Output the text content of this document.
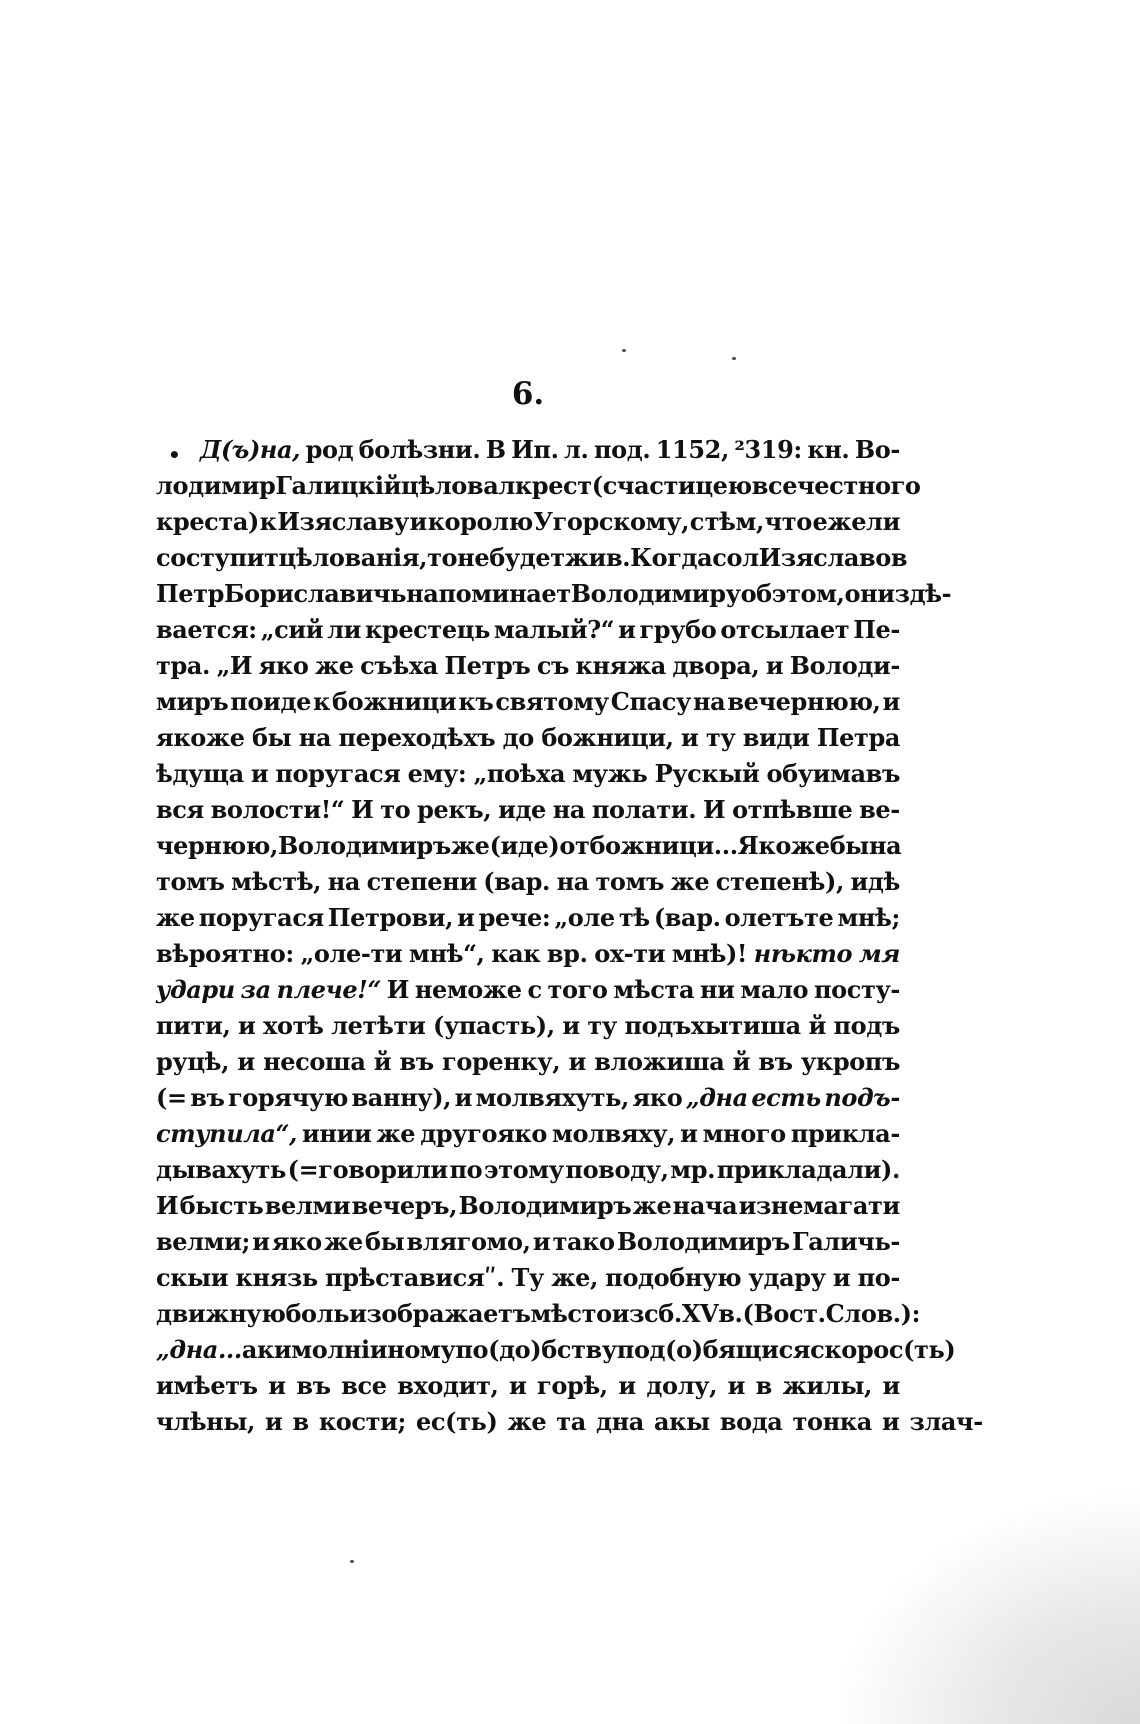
6.
• Д(ъ)на, род болѣзни. В Ип. л. под. 1152, ²319: кн. Во-
лодимир Галицкій цѣловал крест (с частицею всечестного
креста) к Изяславу и королю Угорскому, с тѣм, что ежели
соступит цѣлованія, то небудет жив. Когда сол Изяславов
Петр Бориславичь напоминает Володимиру об этом, он издѣ-
вается: „сий ли крестець малый?“ и грубо отсылает Пе-
тра. „И яко же съѣха Петръ съ княжа двора, и Володи-
миръ поиде к божници къ святому Спасу на вечернюю, и
якоже бы на переходѣхъ до божници, и ту види Петра
ѣдуща и поругася ему: „поѣха мужь Рускый обуимавъ
вся волости!“ И то рекъ, иде на полати. И отпѣвше ве-
чернюю, Володимиръ же (иде) от божници... Яко же бы на
томъ мѣстѣ, на степени (вар. на томъ же степенѣ), идѣ
же поругася Петрови, и рече: „оле тѣ (вар. олетъте мнѣ;
вѣроятно: „оле-ти мнѣ“, как вр. ох-ти мнѣ)! нѣкто мя
удари за плече!“ И неможе с того мѣста ни мало посту-
пити, и хотѣ летѣти (упасть), и ту подъхытиша й подъ
руцѣ, и несоша й въ горенку, и вложиша й въ укропъ
(= въ горячую ванну), и молвяхуть, яко „дна есть подъ-
ступила“, инии же другояко молвяху, и много прикла-
дывахуть (=говорили по этому поводу, мр. прикладали).
И бысть велми вечеръ, Володимиръ же нача изнемагати
велми; и яко же бы влягомо, и тако Володимиръ Галичь-
скыи князь прѣстависяʺ. Ту же, подобную удару и по-
движную боль изображаетъ мѣсто из сб. XV в. (Вост. Слов.):
„дна... аки молніиному по(до)бству под(о)бящися скорос(ть)
имѣетъ и въ все входит, и горѣ, и долу, и в жилы, и
члѣны, и в кости; ес(ть) же та дна акы вода тонка и злач-
